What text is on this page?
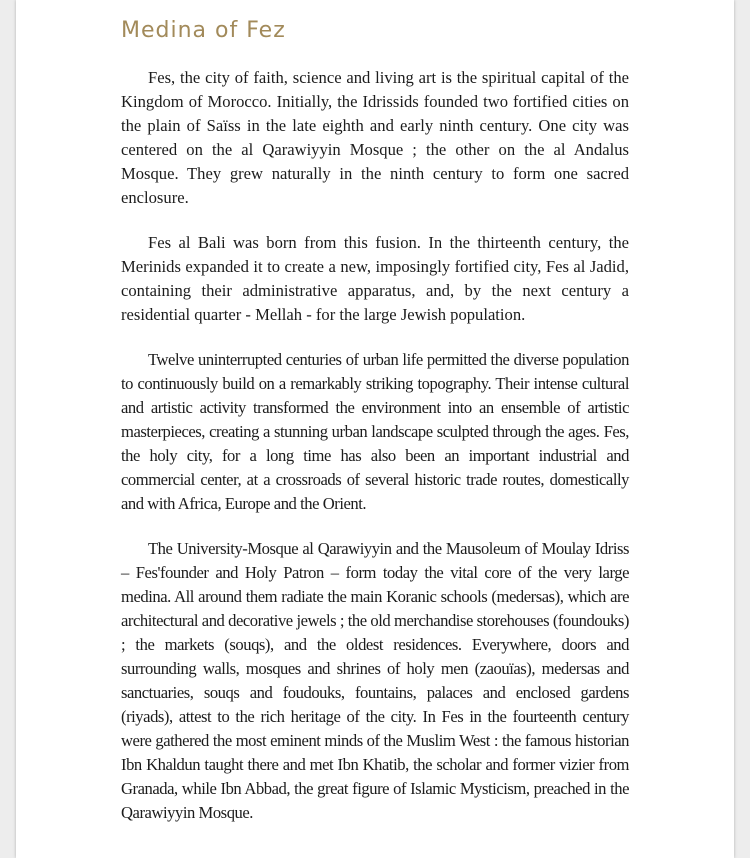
Medina of Fez

Fes, the city of faith, science and living art is the spiritual capital of the Kingdom of Morocco. Initially, the Idrissids founded two fortified cities on the plain of Saïss in the late eighth and early ninth century. One city was centered on the al Qarawiyyin Mosque ; the other on the al Andalus Mosque. They grew naturally in the ninth century to form one sacred enclosure.

Fes al Bali was born from this fusion. In the thirteenth century, the Merinids expanded it to create a new, imposingly fortified city, Fes al Jadid, containing their administrative apparatus, and, by the next century a residential quarter - Mellah - for the large Jewish population.

Twelve uninterrupted centuries of urban life permitted the diverse population to continuously build on a remarkably striking topography. Their intense cultural and artistic activity transformed the environment into an ensemble of artistic masterpieces, creating a stunning urban landscape sculpted through the ages. Fes, the holy city, for a long time has also been an important industrial and commercial center, at a crossroads of several historic trade routes, domestically and with Africa, Europe and the Orient.

The University-Mosque al Qarawiyyin and the Mausoleum of Moulay Idriss – Fes'founder and Holy Patron – form today the vital core of the very large medina. All around them radiate the main Koranic schools (medersas), which are architectural and decorative jewels ; the old merchandise storehouses (foundouks) ; the markets (souqs), and the oldest residences. Everywhere, doors and surrounding walls, mosques and shrines of holy men (zaouïas), medersas and sanctuaries, souqs and foudouks, fountains, palaces and enclosed gardens (riyads), attest to the rich heritage of the city. In Fes in the fourteenth century were gathered the most eminent minds of the Muslim West : the famous historian Ibn Khaldun taught there and met Ibn Khatib, the scholar and former vizier from Granada, while Ibn Abbad, the great figure of Islamic Mysticism, preached in the Qarawiyyin Mosque.
